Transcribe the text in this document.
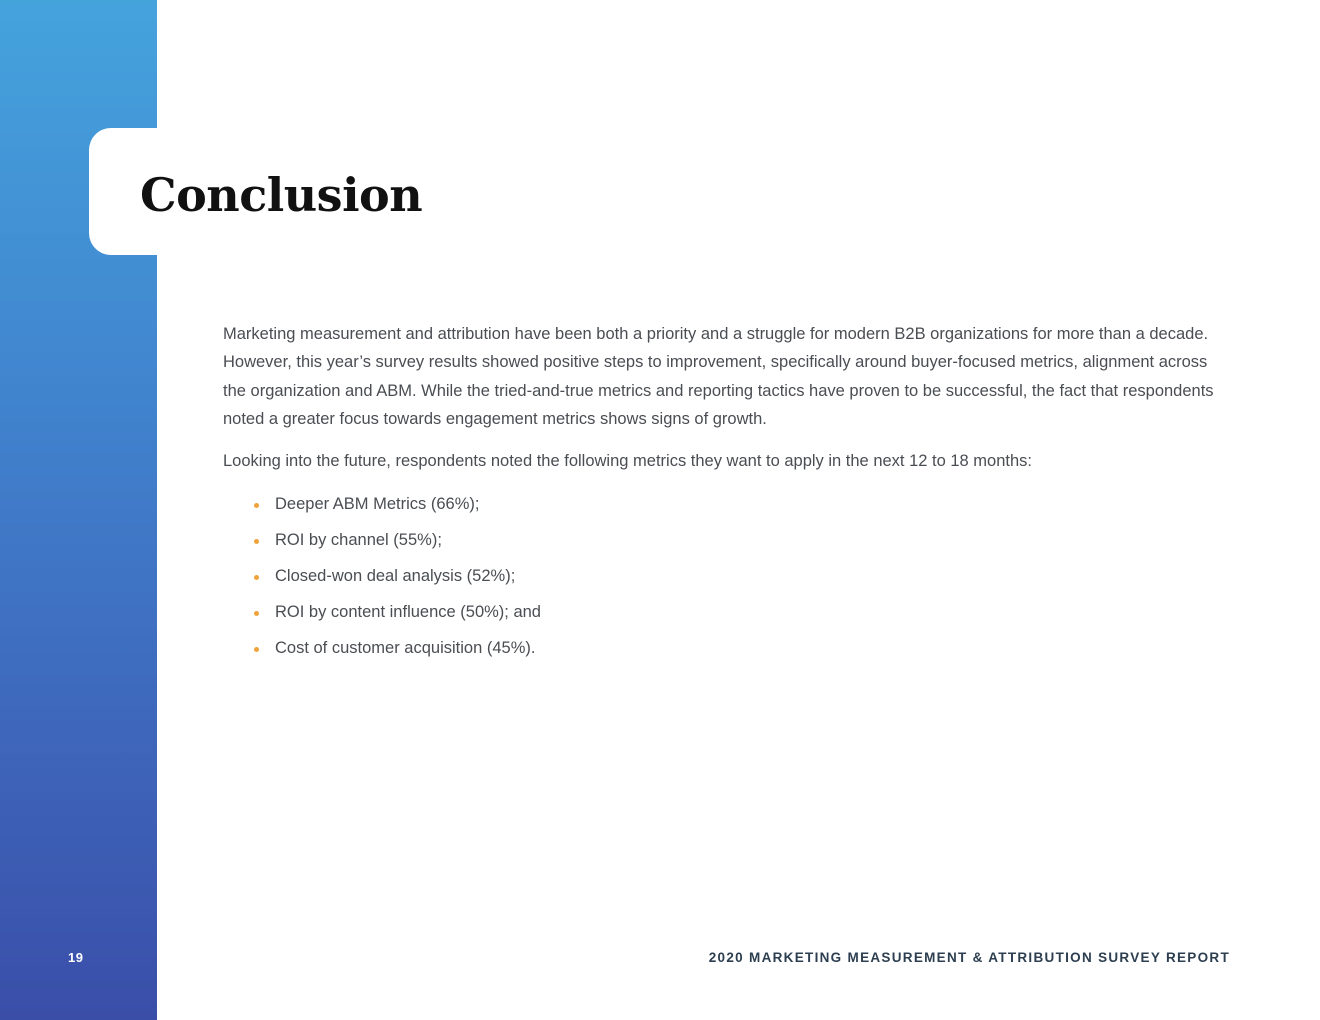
Conclusion

Marketing measurement and attribution have been both a priority and a struggle for modern B2B organizations for more than a decade. However, this year’s survey results showed positive steps to improvement, specifically around buyer-focused metrics, alignment across the organization and ABM. While the tried-and-true metrics and reporting tactics have proven to be successful, the fact that respondents noted a greater focus towards engagement metrics shows signs of growth.

Looking into the future, respondents noted the following metrics they want to apply in the next 12 to 18 months:

Deeper ABM Metrics (66%);
ROI by channel (55%);
Closed-won deal analysis (52%);
ROI by content influence (50%); and
Cost of customer acquisition (45%).
19	2020 MARKETING MEASUREMENT & ATTRIBUTION SURVEY REPORT
